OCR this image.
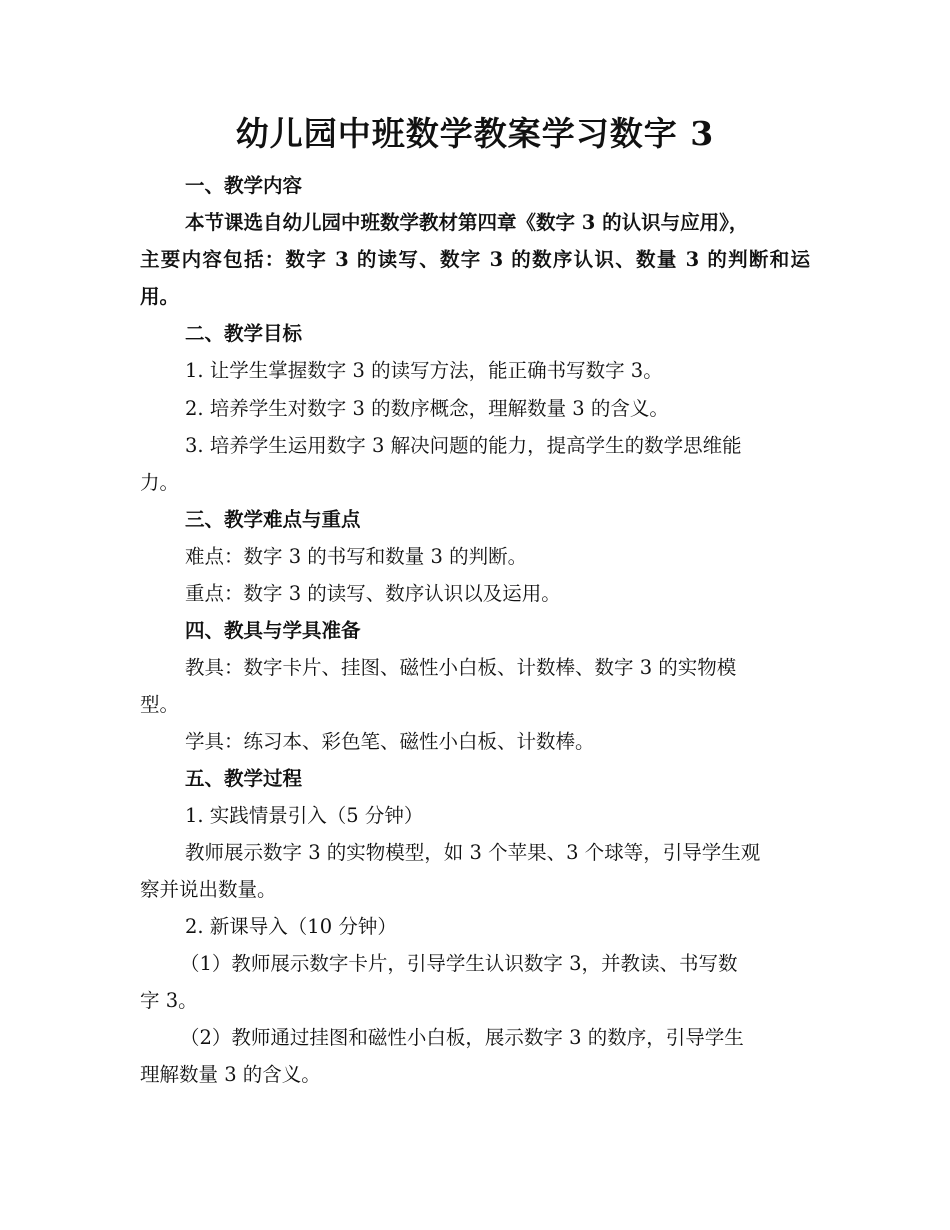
幼儿园中班数学教案学习数字 3
一、教学内容
本节课选自幼儿园中班数学教材第四章《数字 3 的认识与应用》，
主要内容包括：数字 3 的读写、数字 3 的数序认识、数量 3 的判断和运
用。
二、教学目标
1. 让学生掌握数字 3 的读写方法，能正确书写数字 3。
2. 培养学生对数字 3 的数序概念，理解数量 3 的含义。
3. 培养学生运用数字 3 解决问题的能力，提高学生的数学思维能
力。
三、教学难点与重点
难点：数字 3 的书写和数量 3 的判断。
重点：数字 3 的读写、数序认识以及运用。
四、教具与学具准备
教具：数字卡片、挂图、磁性小白板、计数棒、数字 3 的实物模
型。
学具：练习本、彩色笔、磁性小白板、计数棒。
五、教学过程
1. 实践情景引入（5 分钟）
教师展示数字 3 的实物模型，如 3 个苹果、3 个球等，引导学生观
察并说出数量。
2. 新课导入（10 分钟）
（1）教师展示数字卡片，引导学生认识数字 3，并教读、书写数
字 3。
（2）教师通过挂图和磁性小白板，展示数字 3 的数序，引导学生
理解数量 3 的含义。
